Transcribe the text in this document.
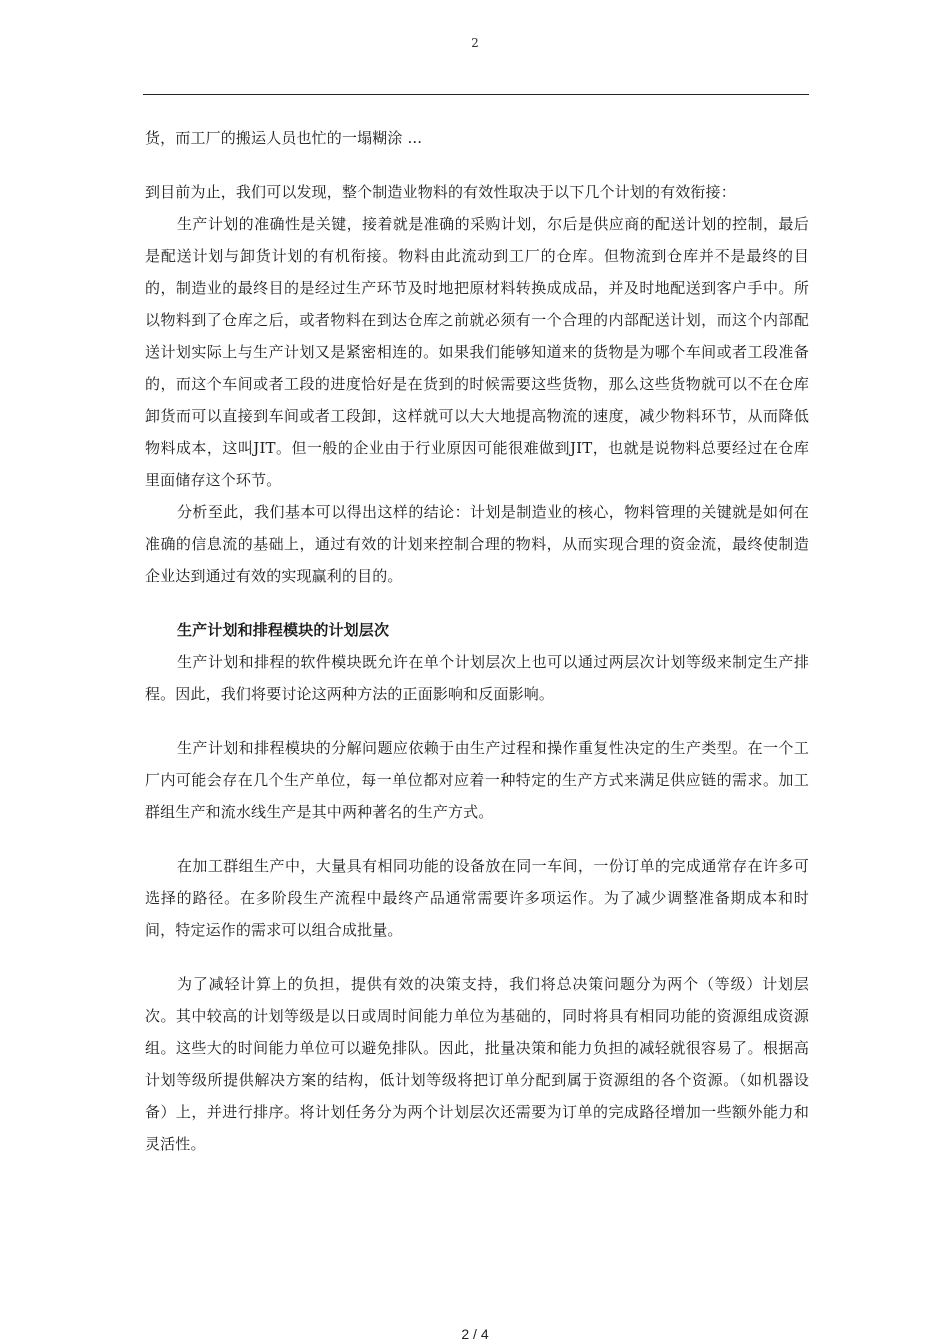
2

货，而工厂的搬运人员也忙的一塌糊涂 ...

到目前为止，我们可以发现，整个制造业物料的有效性取决于以下几个计划的有效衔接：

生产计划的准确性是关键，接着就是准确的采购计划，尔后是供应商的配送计划的控制，最后是配送计划与卸货计划的有机衔接。物料由此流动到工厂的仓库。但物流到仓库并不是最终的目的，制造业的最终目的是经过生产环节及时地把原材料转换成成品，并及时地配送到客户手中。所以物料到了仓库之后，或者物料在到达仓库之前就必须有一个合理的内部配送计划，而这个内部配送计划实际上与生产计划又是紧密相连的。如果我们能够知道来的货物是为哪个车间或者工段准备的，而这个车间或者工段的进度恰好是在货到的时候需要这些货物，那么这些货物就可以不在仓库卸货而可以直接到车间或者工段卸，这样就可以大大地提高物流的速度，减少物料环节，从而降低物料成本，这叫JIT。但一般的企业由于行业原因可能很难做到JIT，也就是说物料总要经过在仓库里面储存这个环节。

分析至此，我们基本可以得出这样的结论：计划是制造业的核心，物料管理的关键就是如何在准确的信息流的基础上，通过有效的计划来控制合理的物料，从而实现合理的资金流，最终使制造企业达到通过有效的实现赢利的目的。

生产计划和排程模块的计划层次

生产计划和排程的软件模块既允许在单个计划层次上也可以通过两层次计划等级来制定生产排程。因此，我们将要讨论这两种方法的正面影响和反面影响。

生产计划和排程模块的分解问题应依赖于由生产过程和操作重复性决定的生产类型。在一个工厂内可能会存在几个生产单位，每一单位都对应着一种特定的生产方式来满足供应链的需求。加工群组生产和流水线生产是其中两种著名的生产方式。

在加工群组生产中，大量具有相同功能的设备放在同一车间，一份订单的完成通常存在许多可选择的路径。在多阶段生产流程中最终产品通常需要许多项运作。为了减少调整准备期成本和时间，特定运作的需求可以组合成批量。

为了减轻计算上的负担，提供有效的决策支持，我们将总决策问题分为两个（等级）计划层次。其中较高的计划等级是以日或周时间能力单位为基础的，同时将具有相同功能的资源组成资源组。这些大的时间能力单位可以避免排队。因此，批量决策和能力负担的减轻就很容易了。根据高计划等级所提供解决方案的结构，低计划等级将把订单分配到属于资源组的各个资源。（如机器设备）上，并进行排序。将计划任务分为两个计划层次还需要为订单的完成路径增加一些额外能力和灵活性。

2 / 4
